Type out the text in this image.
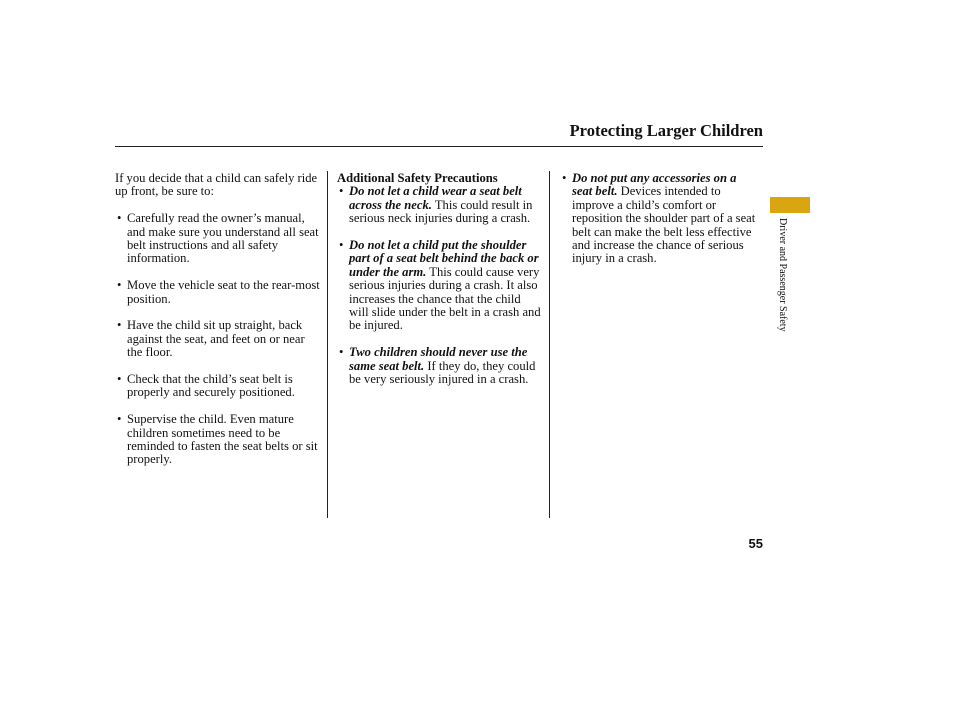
Protecting Larger Children

If you decide that a child can safely ride up front, be sure to:

• Carefully read the owner’s manual, and make sure you understand all seat belt instructions and all safety information.
• Move the vehicle seat to the rear-most position.
• Have the child sit up straight, back against the seat, and feet on or near the floor.
• Check that the child’s seat belt is properly and securely positioned.
• Supervise the child. Even mature children sometimes need to be reminded to fasten the seat belts or sit properly.

Additional Safety Precautions

• Do not let a child wear a seat belt across the neck. This could result in serious neck injuries during a crash.
• Do not let a child put the shoulder part of a seat belt behind the back or under the arm. This could cause very serious injuries during a crash. It also increases the chance that the child will slide under the belt in a crash and be injured.
• Two children should never use the same seat belt. If they do, they could be very seriously injured in a crash.
• Do not put any accessories on a seat belt. Devices intended to improve a child’s comfort or reposition the shoulder part of a seat belt can make the belt less effective and increase the chance of serious injury in a crash.	Driver and Passenger Safety
55
